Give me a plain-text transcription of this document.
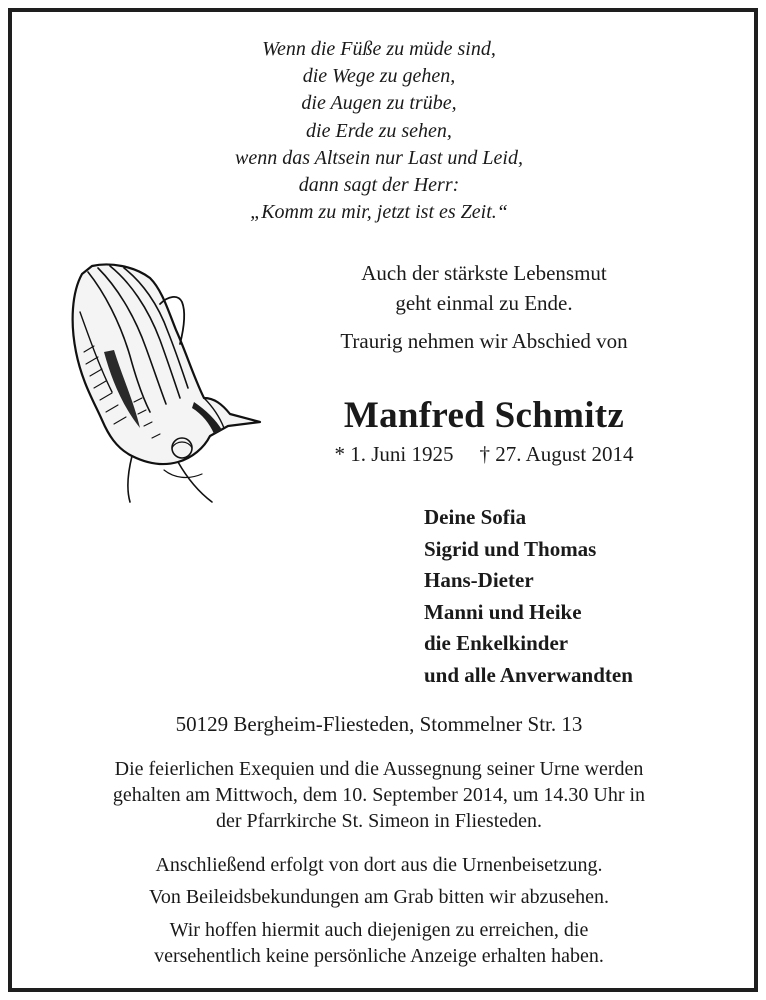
Wenn die Füße zu müde sind,
die Wege zu gehen,
die Augen zu trübe,
die Erde zu sehen,
wenn das Altsein nur Last und Leid,
dann sagt der Herr:
„Komm zu mir, jetzt ist es Zeit.“
Auch der stärkste Lebensmut
geht einmal zu Ende.
Traurig nehmen wir Abschied von
Manfred Schmitz
* 1. Juni 1925 † 27. August 2014
Deine Sofia
Sigrid und Thomas
Hans-Dieter
Manni und Heike
die Enkelkinder
und alle Anverwandten
50129 Bergheim-Fliesteden, Stommelner Str. 13
Die feierlichen Exequien und die Aussegnung seiner Urne werden
gehalten am Mittwoch, dem 10. September 2014, um 14.30 Uhr in
der Pfarrkirche St. Simeon in Fliesteden.
Anschließend erfolgt von dort aus die Urnenbeisetzung.
Von Beileidsbekundungen am Grab bitten wir abzusehen.
Wir hoffen hiermit auch diejenigen zu erreichen, die
versehentlich keine persönliche Anzeige erhalten haben.
